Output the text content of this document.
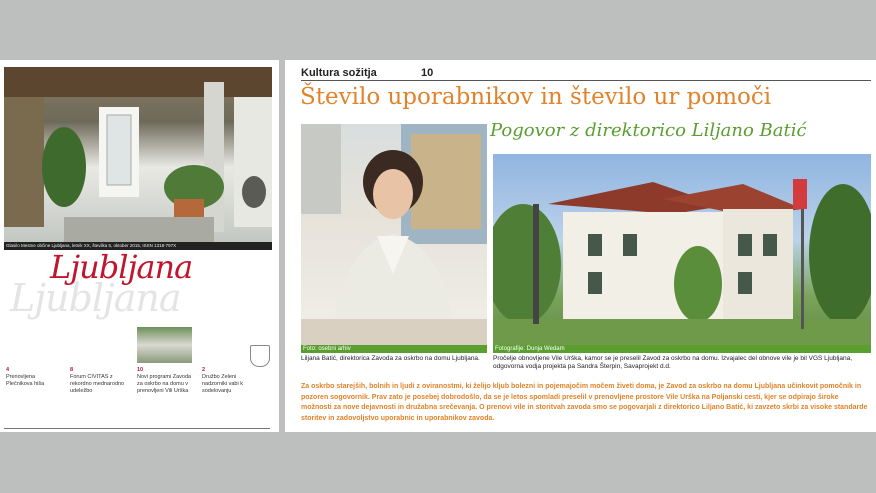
Glasilo Mestne občine Ljubljana, letnik XX, številka 5, oktober 2015, ISSN 1318-797X
Ljubljana
Ljubljana
4
Prenovljena Plečnikova hiša
8
Forum CIVITAS z rekordno mednarodno udeležbo
10
Novi programi Zavoda za oskrbo na domu v prenovljeni Vili Urška
2
Družbo Zeleni nadzorniki vabi k sodelovanju
Kultura sožitja	10
Število uporabnikov in število ur pomoči
Pogovor z direktorico Liljano Batić
Foto: osebni arhiv
Liljana Batić, direktorica Zavoda za oskrbo na domu Ljubljana.
Fotografije: Dunja Wedam
Pročelje obnovljene Vile Urška, kamor se je preselil Zavod za oskrbo na domu. Izvajalec del obnove vile je bil VGS Ljubljana, odgovorna vodja projekta pa Sandra Šterpin, Savaprojekt d.d.
Za oskrbo starejših, bolnih in ljudi z oviranostmi, ki želijo kljub bolezni in pojemajočim močem živeti doma, je Zavod za oskrbo na domu Ljubljana učinkovit pomočnik in pozoren sogovornik. Prav zato je posebej dobrodošlo, da se je letos spomladi preselil v prenovljene prostore Vile Urška na Poljanski cesti, kjer se odpirajo široke možnosti za nove dejavnosti in družabna srečevanja. O prenovi vile in storitvah zavoda smo se pogovarjali z direktorico Liljano Batić, ki zavzeto skrbi za visoke standarde storitev in zadovoljstvo uporabnic in uporabnikov zavoda.
